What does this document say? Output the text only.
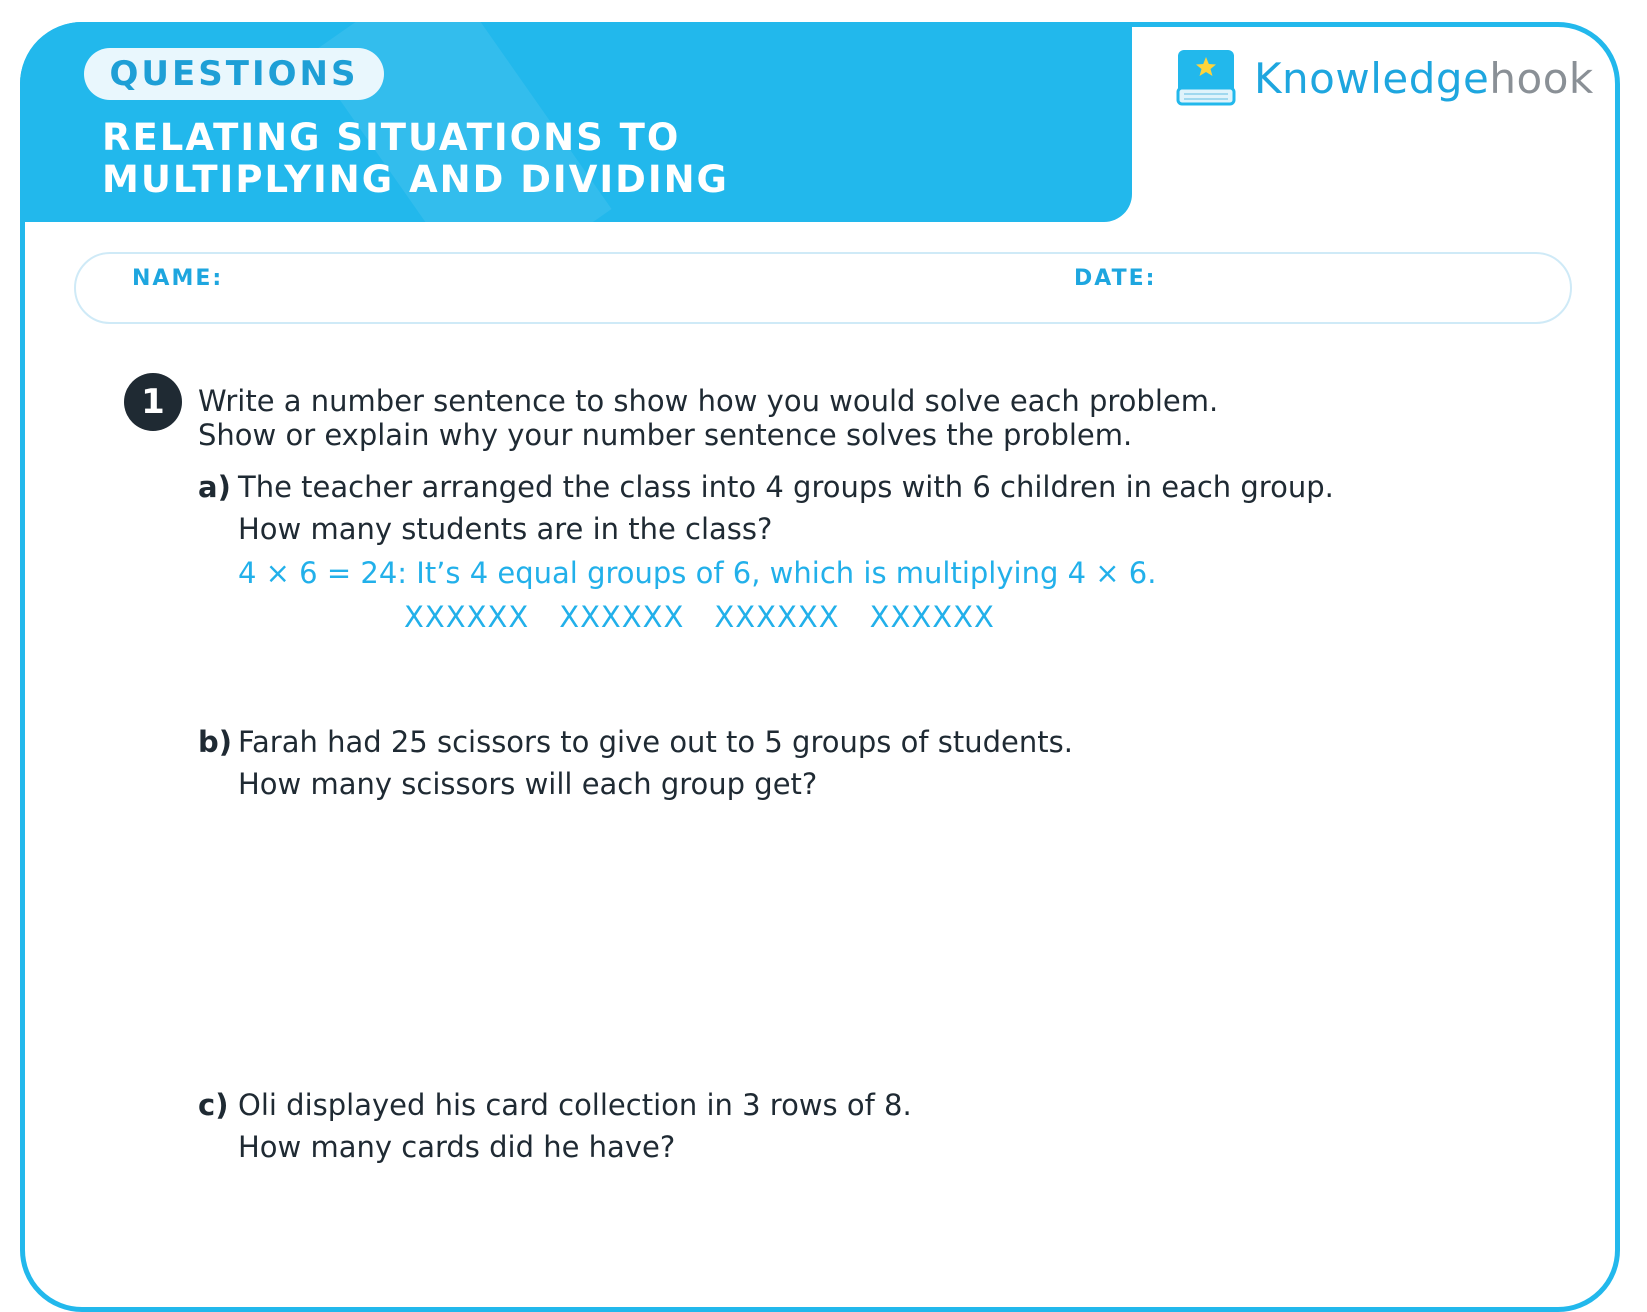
QUESTIONS
RELATING SITUATIONS TO
MULTIPLYING AND DIVIDING
Knowledgehook
NAME:	DATE:
1	Write a number sentence to show how you would solve each problem.
Show or explain why your number sentence solves the problem.

a) The teacher arranged the class into 4 groups with 6 children in each group.
How many students are in the class?
4 × 6 = 24: It’s 4 equal groups of 6, which is multiplying 4 × 6.
XXXXXX XXXXXX XXXXXX XXXXXX
b) Farah had 25 scissors to give out to 5 groups of students.
How many scissors will each group get?
c) Oli displayed his card collection in 3 rows of 8.
How many cards did he have?
